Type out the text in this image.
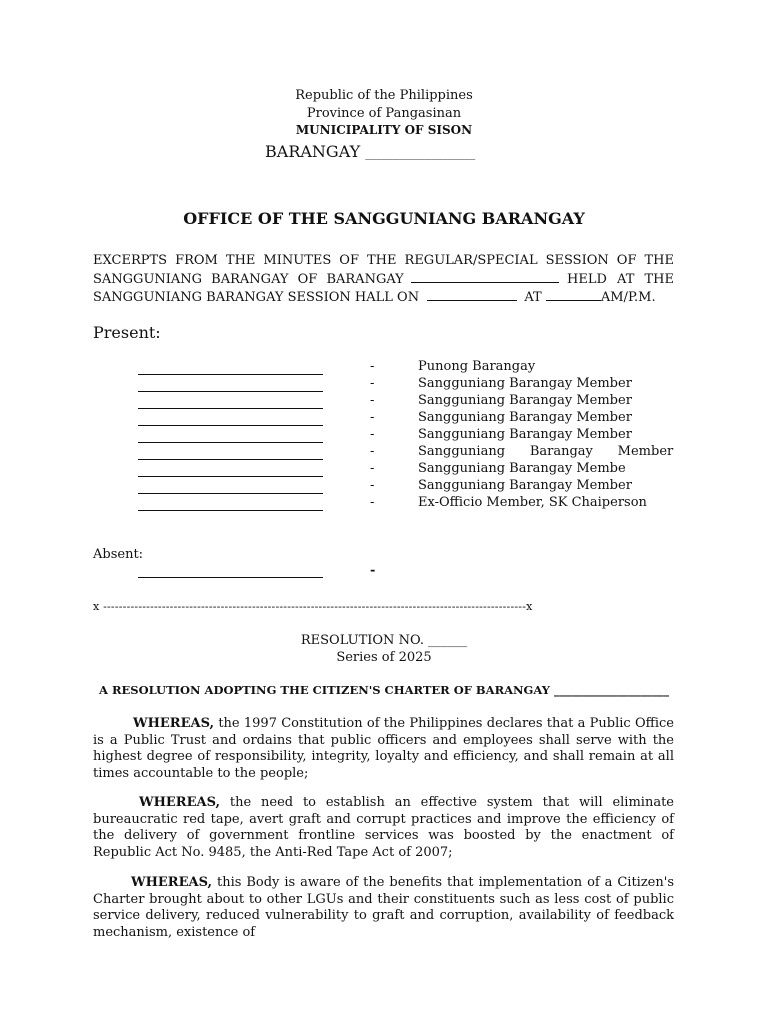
Republic of the Philippines
Province of Pangasinan
MUNICIPALITY OF SISON
BARANGAY ____________________
OFFICE OF THE SANGGUNIANG BARANGAY
EXCERPTS FROM THE MINUTES OF THE REGULAR/SPECIAL SESSION OF THE
SANGGUNIANG BARANGAY OF BARANGAY	HELD AT THE
SANGGUNIANG BARANGAY SESSION HALL ON	AT	AM/P.M.
Present:
-	Punong Barangay
-	Sangguniang Barangay Member
-	Sangguniang Barangay Member
-	Sangguniang Barangay Member
-	Sangguniang Barangay Member
-	Sangguniang      Barangay      Member
-	Sangguniang Barangay Membe
-	Sangguniang Barangay Member
-	Ex-Officio Member, SK Chaiperson
Absent:
-
x ------------------------------------------------------------------------------------------------------------x
RESOLUTION NO. ______
Series of 2025
A RESOLUTION ADOPTING THE CITIZEN'S CHARTER OF BARANGAY ____________________
WHEREAS, the 1997 Constitution of the Philippines declares that a Public Office is a Public Trust and ordains that public officers and employees shall serve with the highest degree of responsibility, integrity, loyalty and efficiency, and shall remain at all times accountable to the people;
WHEREAS, the need to establish an effective system that will eliminate bureaucratic red tape, avert graft and corrupt practices and improve the efficiency of the delivery of government frontline services was boosted by the enactment of Republic Act No. 9485, the Anti-Red Tape Act of 2007;
WHEREAS, this Body is aware of the benefits that implementation of a Citizen's Charter brought about to other LGUs and their constituents such as less cost of public service delivery, reduced vulnerability to graft and corruption, availability of feedback mechanism, existence of
